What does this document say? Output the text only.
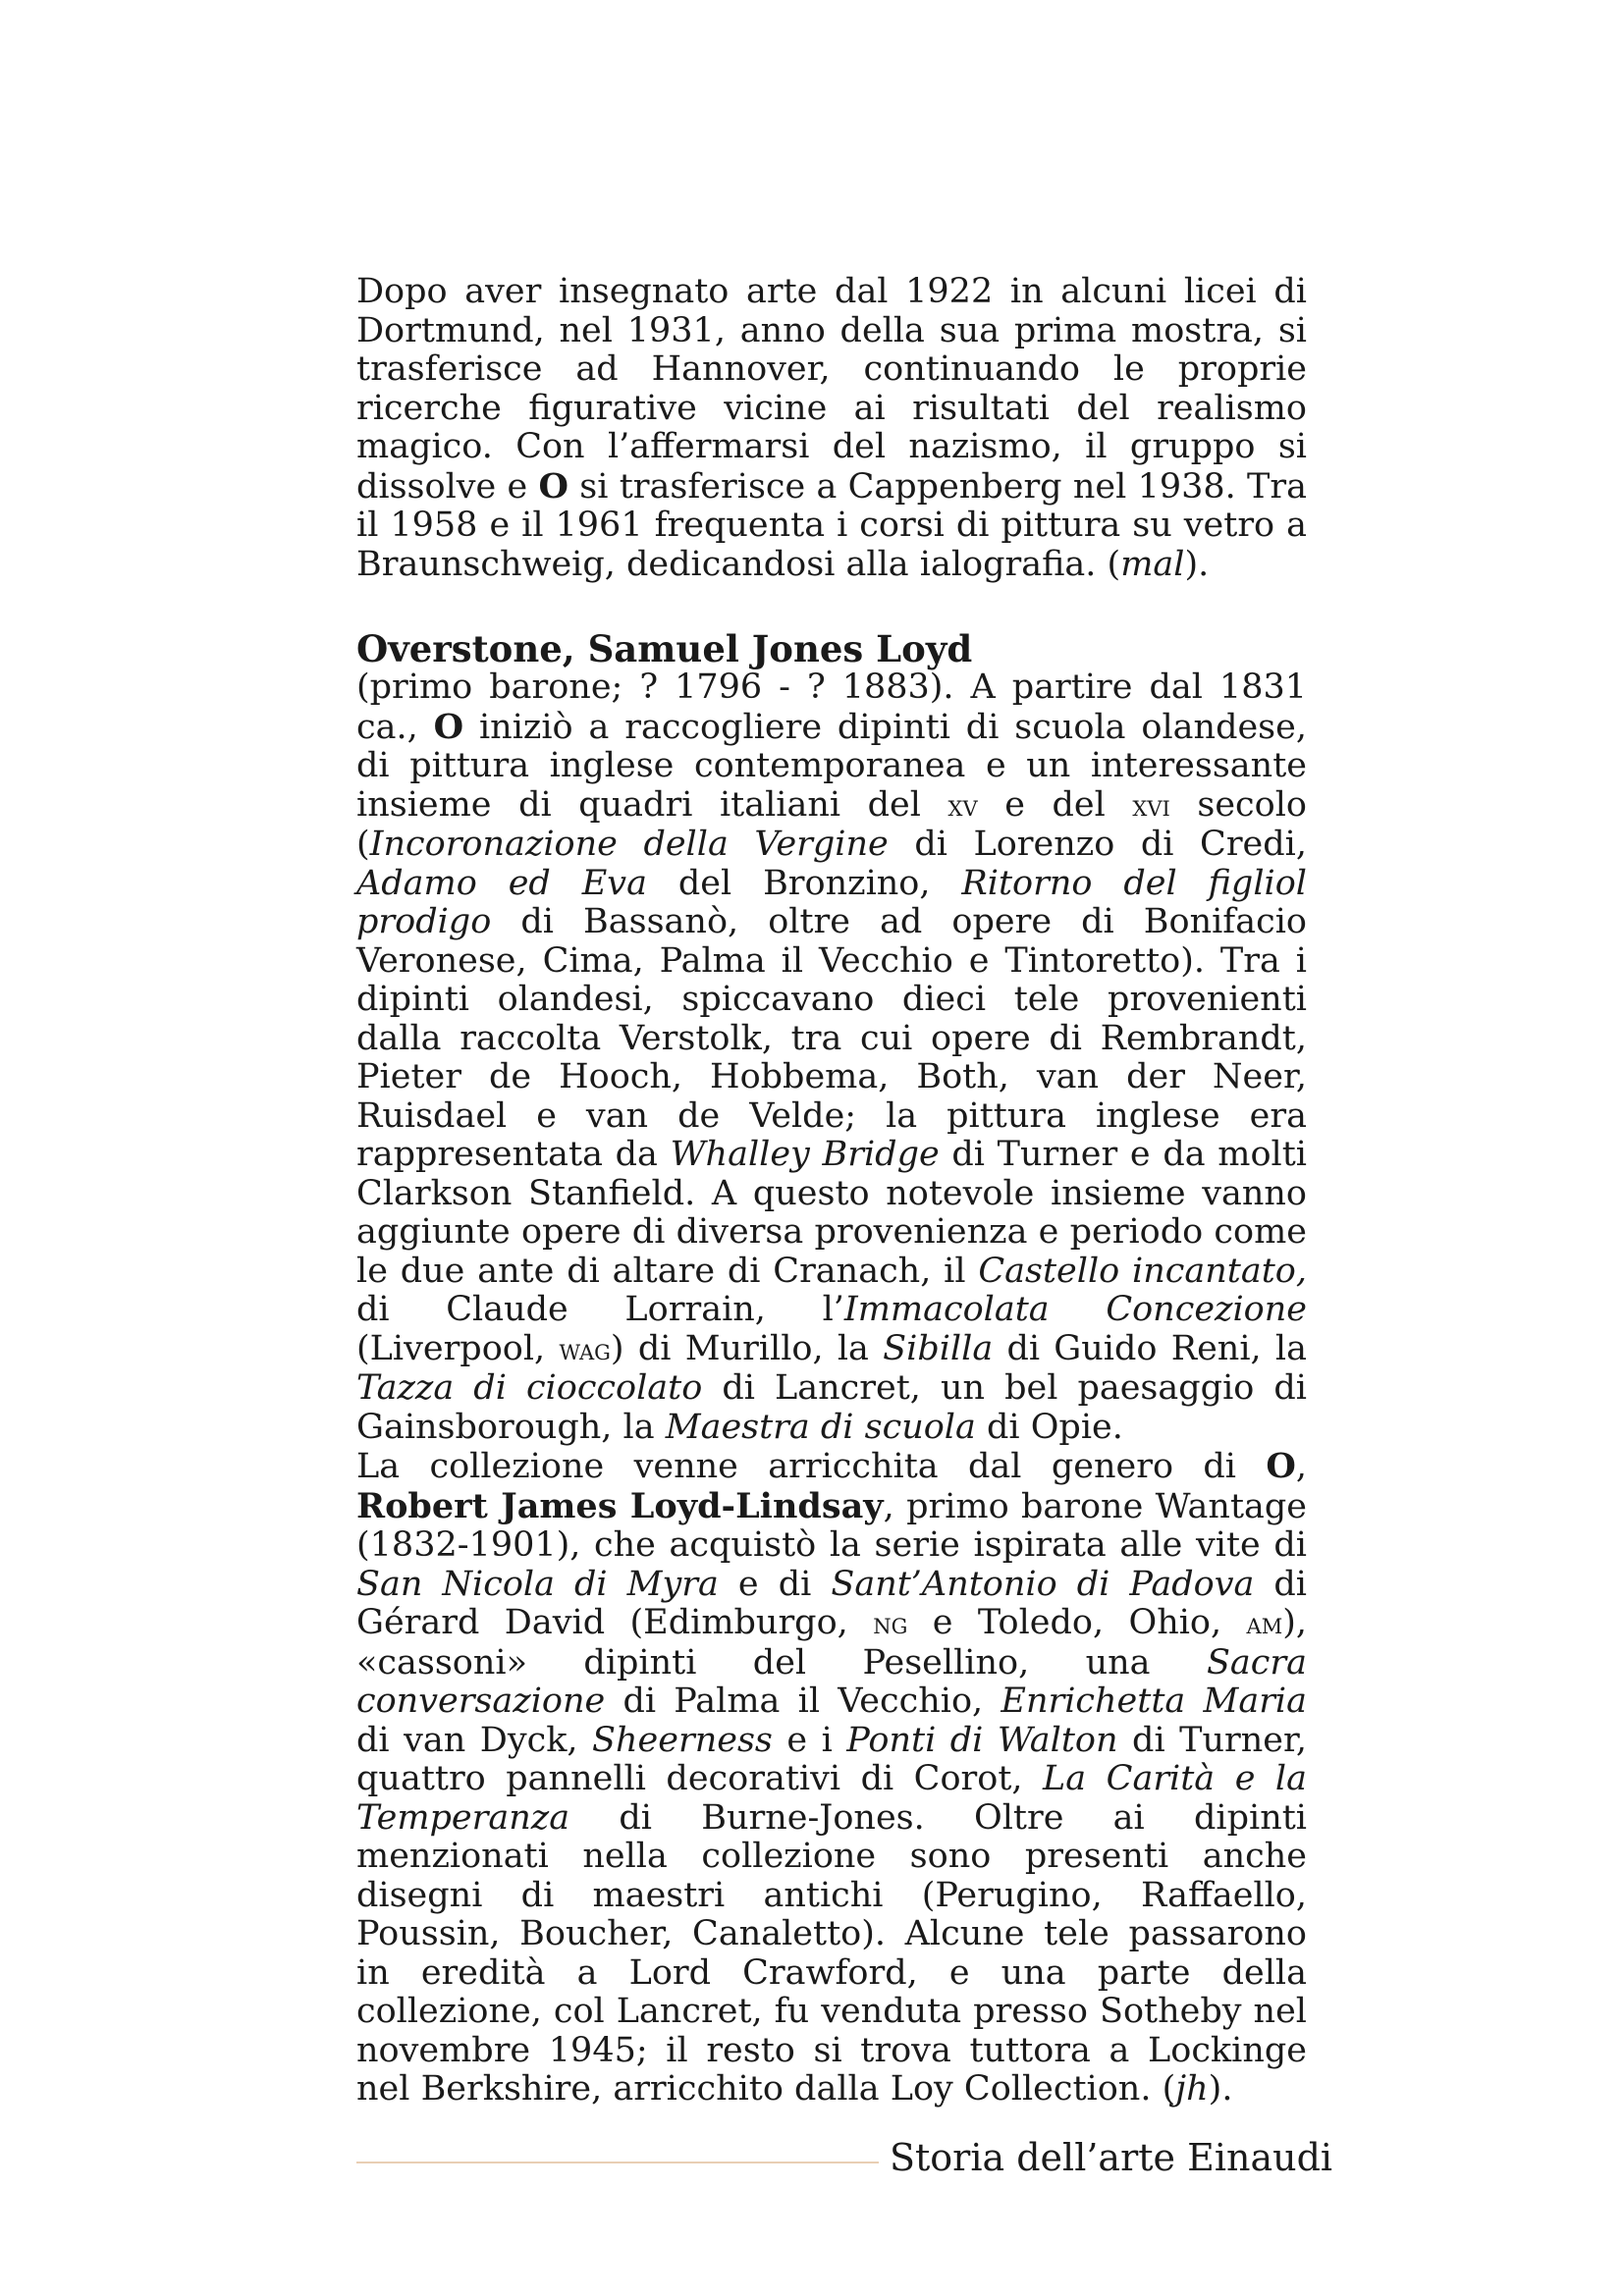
Dopo aver insegnato arte dal 1922 in alcuni licei di Dortmund, nel 1931, anno della sua prima mostra, si trasferisce ad Hannover, continuando le proprie ricerche figurative vicine ai risultati del realismo magico. Con l’affermarsi del nazismo, il gruppo si dissolve e O si trasferisce a Cappenberg nel 1938. Tra il 1958 e il 1961 frequenta i corsi di pittura su vetro a Braunschweig, dedicandosi alla ialografia. (mal).

Overstone, Samuel Jones Loyd

(primo barone; ? 1796 - ? 1883). A partire dal 1831 ca., O iniziò a raccogliere dipinti di scuola olandese, di pittura inglese contemporanea e un interessante insieme di quadri italiani del xv e del xvi secolo (Incoronazione della Vergine di Lorenzo di Credi, Adamo ed Eva del Bronzino, Ritorno del figliol prodigo di Bassanò, oltre ad opere di Bonifacio Veronese, Cima, Palma il Vecchio e Tintoretto). Tra i dipinti olandesi, spiccavano dieci tele provenienti dalla raccolta Verstolk, tra cui opere di Rembrandt, Pieter de Hooch, Hobbema, Both, van der Neer, Ruisdael e van de Velde; la pittura inglese era rappresentata da Whalley Bridge di Turner e da molti Clarkson Stanfield. A questo notevole insieme vanno aggiunte opere di diversa provenienza e periodo come le due ante di altare di Cranach, il Castello incantato, di Claude Lorrain, l’Immacolata Concezione (Liverpool, wag) di Murillo, la Sibilla di Guido Reni, la Tazza di cioccolato di Lancret, un bel paesaggio di Gainsborough, la Maestra di scuola di Opie.

La collezione venne arricchita dal genero di O, Robert James Loyd-Lindsay, primo barone Wantage (1832-1901), che acquistò la serie ispirata alle vite di San Nicola di Myra e di Sant’Antonio di Padova di Gérard David (Edimburgo, ng e Toledo, Ohio, am), «cassoni» dipinti del Pesellino, una Sacra conversazione di Palma il Vecchio, Enrichetta Maria di van Dyck, Sheerness e i Ponti di Walton di Turner, quattro pannelli decorativi di Corot, La Carità e la Temperanza di Burne-Jones. Oltre ai dipinti menzionati nella collezione sono presenti anche disegni di maestri antichi (Perugino, Raffaello, Poussin, Boucher, Canaletto). Alcune tele passarono in eredità a Lord Crawford, e una parte della collezione, col Lancret, fu venduta presso Sotheby nel novembre 1945; il resto si trova tuttora a Lockinge nel Berkshire, arricchito dalla Loy Collection. (jh).

Storia dell’arte Einaudi
